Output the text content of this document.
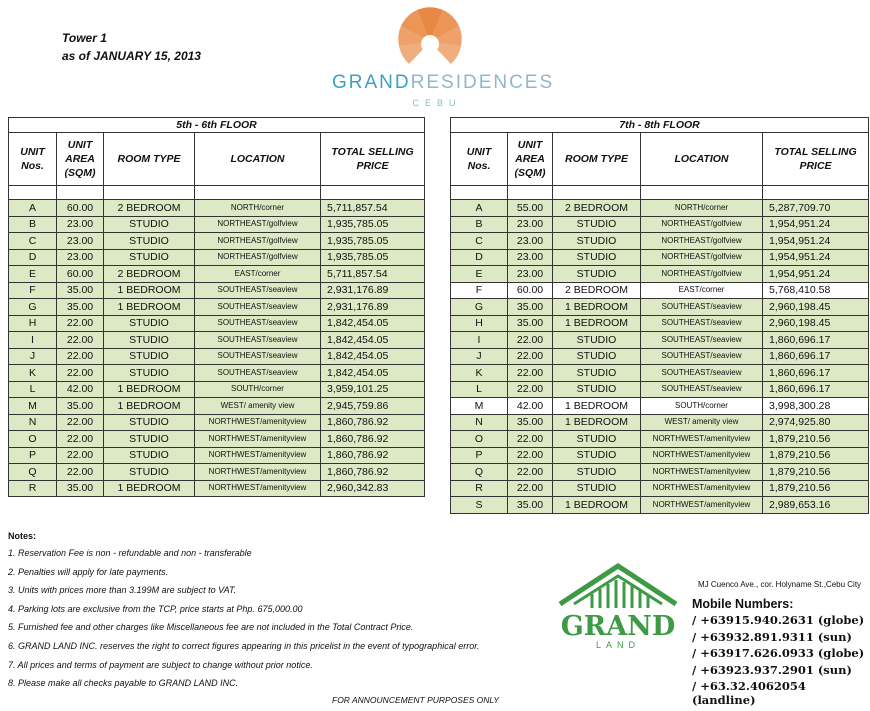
Tower 1
as of JANUARY 15, 2013
GRANDRESIDENCES
CEBU
5th - 6th FLOOR				
UNIT Nos.	UNIT AREA (SQM)	ROOM TYPE	LOCATION	TOTAL SELLING PRICE

A	60.00	2 BEDROOM	NORTH/corner	5,711,857.54
B	23.00	STUDIO	NORTHEAST/golfview	1,935,785.05
C	23.00	STUDIO	NORTHEAST/golfview	1,935,785.05
D	23.00	STUDIO	NORTHEAST/golfview	1,935,785.05
E	60.00	2 BEDROOM	EAST/corner	5,711,857.54
F	35.00	1 BEDROOM	SOUTHEAST/seaview	2,931,176.89
G	35.00	1 BEDROOM	SOUTHEAST/seaview	2,931,176.89
H	22.00	STUDIO	SOUTHEAST/seaview	1,842,454.05
I	22.00	STUDIO	SOUTHEAST/seaview	1,842,454.05
J	22.00	STUDIO	SOUTHEAST/seaview	1,842,454.05
K	22.00	STUDIO	SOUTHEAST/seaview	1,842,454.05
L	42.00	1 BEDROOM	SOUTH/corner	3,959,101.25
M	35.00	1 BEDROOM	WEST/ amenity view	2,945,759.86
N	22.00	STUDIO	NORTHWEST/amenityview	1,860,786.92
O	22.00	STUDIO	NORTHWEST/amenityview	1,860,786.92
P	22.00	STUDIO	NORTHWEST/amenityview	1,860,786.92
Q	22.00	STUDIO	NORTHWEST/amenityview	1,860,786.92
R	35.00	1 BEDROOM	NORTHWEST/amenityview	2,960,342.83
7th - 8th FLOOR				
UNIT Nos.	UNIT AREA (SQM)	ROOM TYPE	LOCATION	TOTAL SELLING PRICE

A	55.00	2 BEDROOM	NORTH/corner	5,287,709.70
B	23.00	STUDIO	NORTHEAST/golfview	1,954,951.24
C	23.00	STUDIO	NORTHEAST/golfview	1,954,951.24
D	23.00	STUDIO	NORTHEAST/golfview	1,954,951.24
E	23.00	STUDIO	NORTHEAST/golfview	1,954,951.24
F	60.00	2 BEDROOM	EAST/corner	5,768,410.58
G	35.00	1 BEDROOM	SOUTHEAST/seaview	2,960,198.45
H	35.00	1 BEDROOM	SOUTHEAST/seaview	2,960,198.45
I	22.00	STUDIO	SOUTHEAST/seaview	1,860,696.17
J	22.00	STUDIO	SOUTHEAST/seaview	1,860,696.17
K	22.00	STUDIO	SOUTHEAST/seaview	1,860,696.17
L	22.00	STUDIO	SOUTHEAST/seaview	1,860,696.17
M	42.00	1 BEDROOM	SOUTH/corner	3,998,300.28
N	35.00	1 BEDROOM	WEST/ amenity view	2,974,925.80
O	22.00	STUDIO	NORTHWEST/amenityview	1,879,210.56
P	22.00	STUDIO	NORTHWEST/amenityview	1,879,210.56
Q	22.00	STUDIO	NORTHWEST/amenityview	1,879,210.56
R	22.00	STUDIO	NORTHWEST/amenityview	1,879,210.56
S	35.00	1 BEDROOM	NORTHWEST/amenityview	2,989,653.16
Notes:
1. Reservation Fee is non - refundable and non - transferable
2. Penalties will apply for late payments.
3. Units with prices more than 3.199M are subject to VAT.
4. Parking lots are exclusive from the TCP, price starts at Php. 675,000.00
5. Furnished fee and other charges like Miscellaneous fee are not included in the Total Contract Price.
6. GRAND LAND INC. reserves the right to correct figures appearing in this pricelist in the event of typographical error.
7. All prices and terms of payment are subject to change without prior notice.
8. Please make all checks payable to GRAND LAND INC.
GRAND
LAND
MJ Cuenco Ave., cor. Holyname St.,Cebu City
Mobile Numbers:
/ +63915.940.2631 (globe)
/ +63932.891.9311 (sun)
/ +63917.626.0933 (globe)
/ +63923.937.2901 (sun)
/ +63.32.4062054 (landline)
FOR ANNOUNCEMENT PURPOSES ONLY
